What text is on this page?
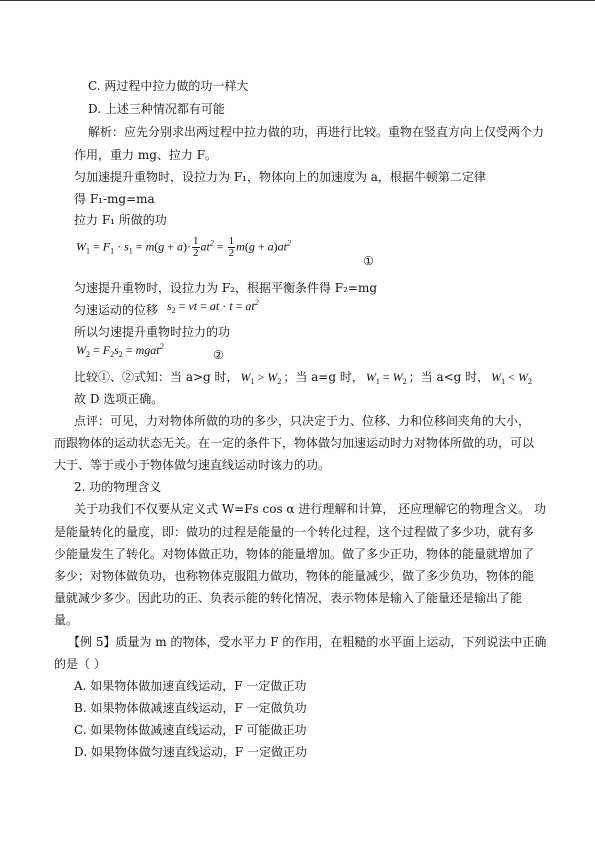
C. 两过程中拉力做的功一样大
D. 上述三种情况都有可能
解析：应先分别求出两过程中拉力做的功，再进行比较。重物在竖直方向上仅受两个力
作用，重力 mg、拉力 F。
匀加速提升重物时，设拉力为 F₁，物体向上的加速度为 a，根据牛顿第二定律
得 F₁-mg=ma
拉力 F₁ 所做的功
$W_1 = F_1 \cdot s_1 = m(g + a)\cdot \frac{1}{2} at^2 = \frac{1}{2} m(g + a)at^2$
①
匀速提升重物时，设拉力为 F₂，根据平衡条件得 F₂=mg
匀速运动的位移 $s_2$ = vt = at · $t = at^2$
所以匀速提升重物时拉力的功
$W_2 = F_2s_2$ = mgat$^2$
②
比较①、②式知：当 a>g 时， $W_1 > W_2$ ；当 a=g 时， $W_1 = W_2$ ；当 a<g 时， $W_1 < W_2$
故 D 选项正确。
点评：可见，力对物体所做的功的多少，只决定于力、位移、力和位移间夹角的大小，
而跟物体的运动状态无关。在一定的条件下，物体做匀加速运动时力对物体所做的功，可以
大于、等于或小于物体做匀速直线运动时该力的功。
2. 功的物理含义
关于功我们不仅要从定义式 W=Fs cos α 进行理解和计算， 还应理解它的物理含义。 功
是能量转化的量度，即：做功的过程是能量的一个转化过程，这个过程做了多少功，就有多
少能量发生了转化。对物体做正功，物体的能量增加。做了多少正功，物体的能量就增加了
多少；对物体做负功，也称物体克服阻力做功，物体的能量减少，做了多少负功，物体的能
量就减少多少。因此功的正、负表示能的转化情况，表示物体是输入了能量还是输出了能
量。
【例 5】质量为 m 的物体，受水平力 F 的作用，在粗糙的水平面上运动，下列说法中正确
的是（ ）
A. 如果物体做加速直线运动，F 一定做正功
B. 如果物体做减速直线运动，F 一定做负功
C. 如果物体做减速直线运动，F 可能做正功
D. 如果物体做匀速直线运动，F 一定做正功
